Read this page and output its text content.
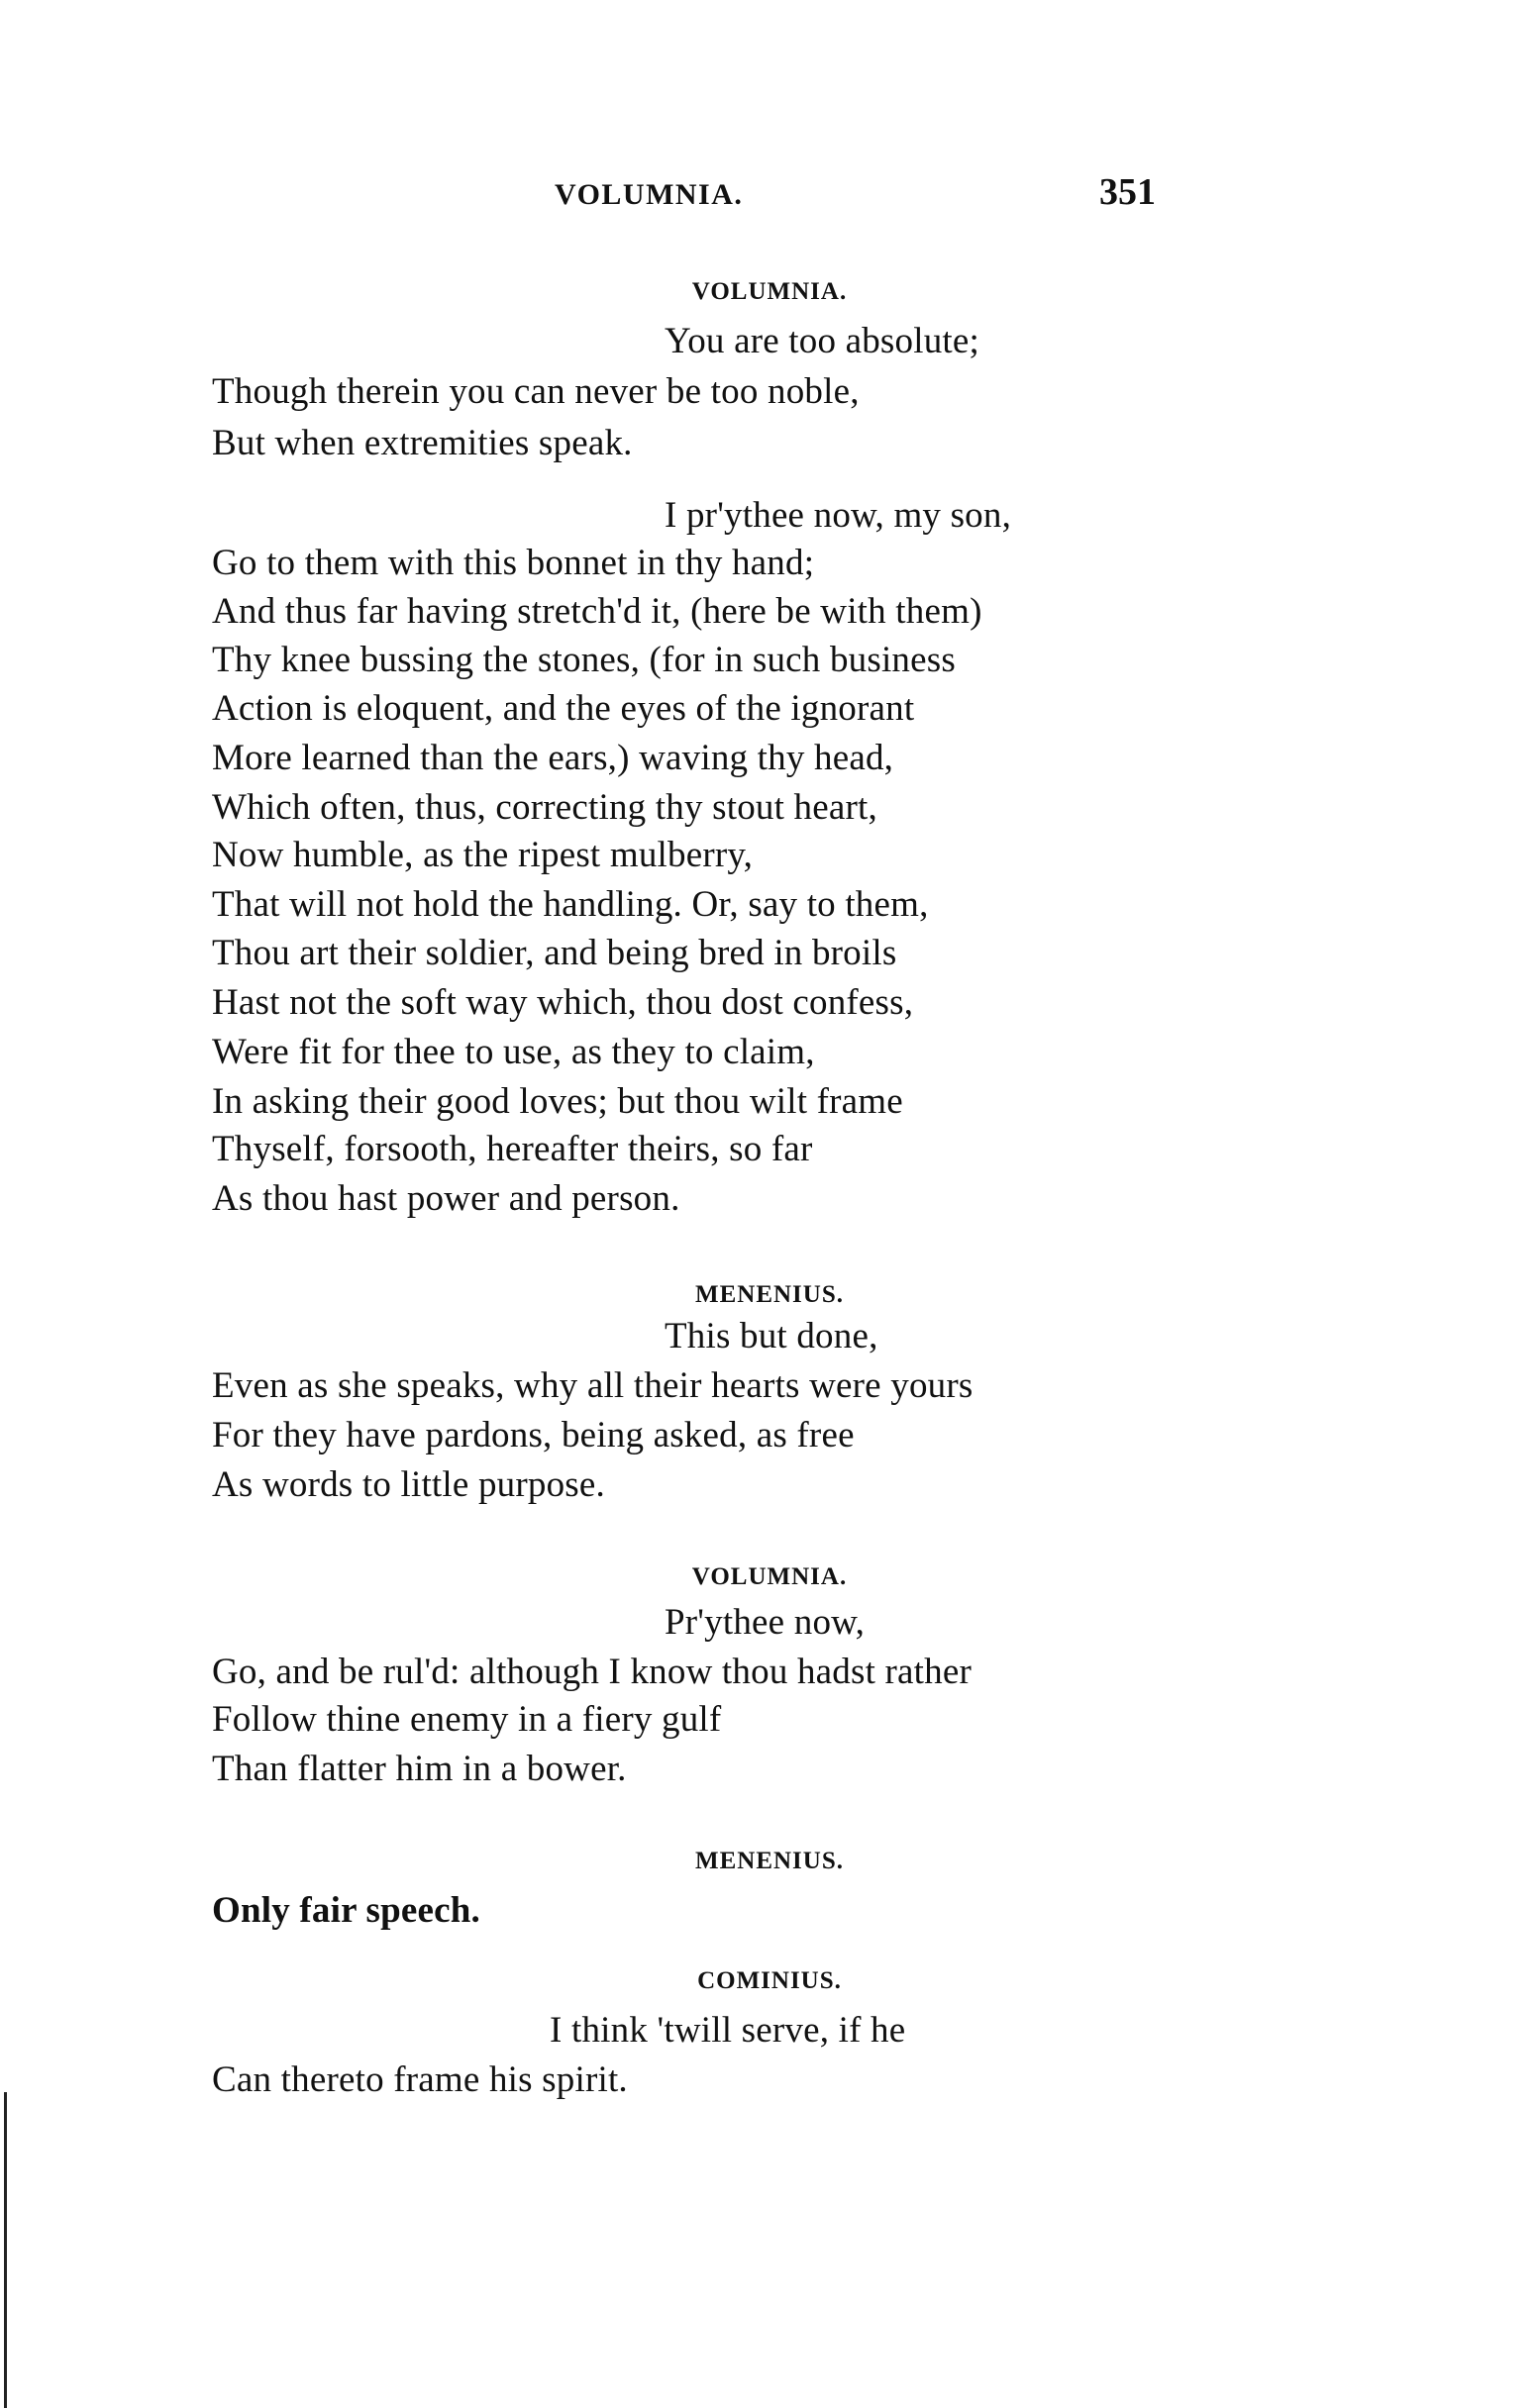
VOLUMNIA.	351
VOLUMNIA.
You are too absolute;
Though therein you can never be too noble,
But when extremities speak.
I pr'ythee now, my son,
Go to them with this bonnet in thy hand;
And thus far having stretch'd it, (here be with them)
Thy knee bussing the stones, (for in such business
Action is eloquent, and the eyes of the ignorant
More learned than the ears,) waving thy head,
Which often, thus, correcting thy stout heart,
Now humble, as the ripest mulberry,
That will not hold the handling. Or, say to them,
Thou art their soldier, and being bred in broils
Hast not the soft way which, thou dost confess,
Were fit for thee to use, as they to claim,
In asking their good loves; but thou wilt frame
Thyself, forsooth, hereafter theirs, so far
As thou hast power and person.
MENENIUS.
This but done,
Even as she speaks, why all their hearts were yours
For they have pardons, being asked, as free
As words to little purpose.
VOLUMNIA.
Pr'ythee now,
Go, and be rul'd: although I know thou hadst rather
Follow thine enemy in a fiery gulf
Than flatter him in a bower.
MENENIUS.
Only fair speech.
COMINIUS.
I think 'twill serve, if he
Can thereto frame his spirit.
